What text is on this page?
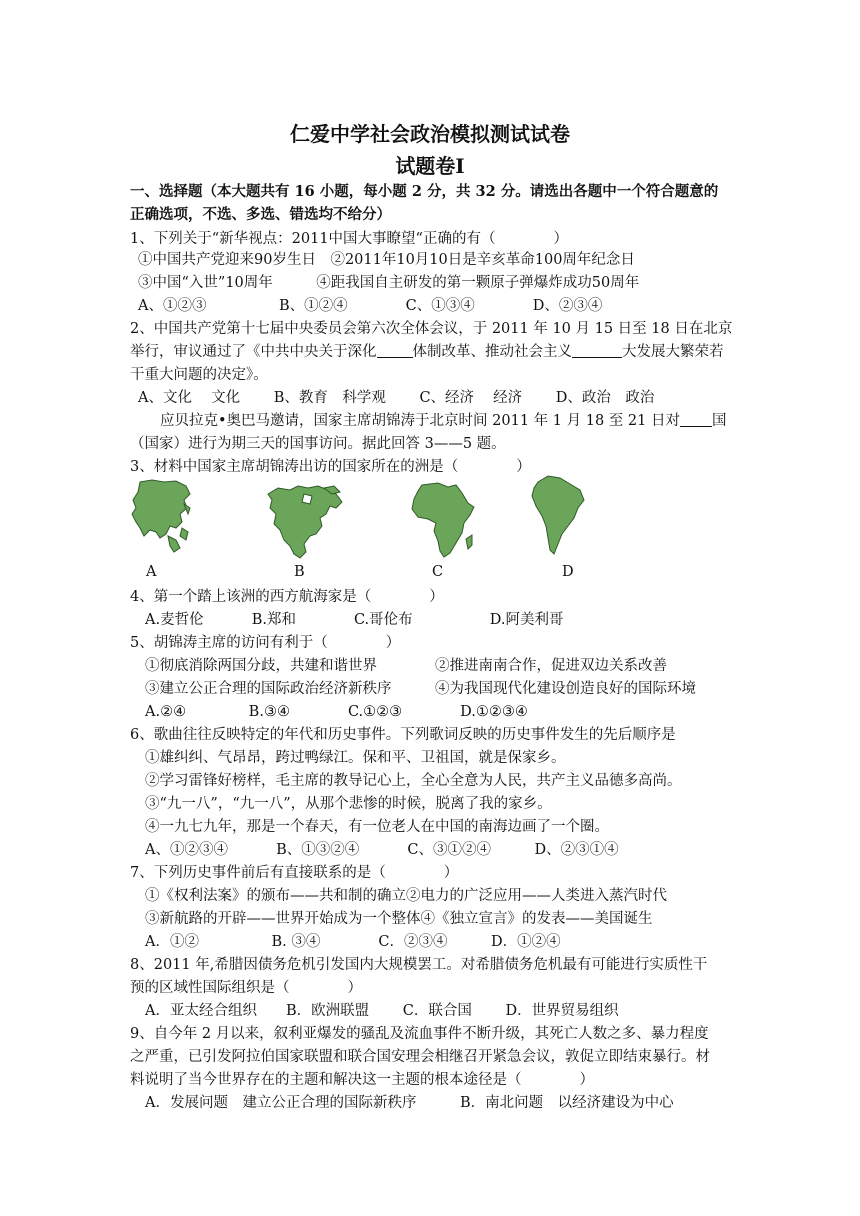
仁爱中学社会政治模拟测试试卷
试题卷Ⅰ
一、选择题（本大题共有 16 小题，每小题 2 分，共 32 分。请选出各题中一个符合题意的
正确选项，不选、多选、错选均不给分）
1、下列关于“新华视点：2011中国大事瞭望“正确的有（　　　　）
①中国共产党迎来90岁生日　②2011年10月10日是辛亥革命100周年纪念日
③中国“入世”10周年　　　④距我国自主研发的第一颗原子弹爆炸成功50周年
A、①②③　　　　　B、①②④　　　　C、①③④　　　　D、②③④
2、中国共产党第十七届中央委员会第六次全体会议，于 2011 年 10 月 15 日至 18 日在北京
举行，审议通过了《中共中央关于深化 体制改革、推动社会主义	大发展大繁荣若
干重大问题的决定》。
A、文化　 文化　　 B、教育　科学观　　 C、经济　 经济　　 D、政治　政治
应贝拉克•奥巴马邀请，国家主席胡锦涛于北京时间 2011 年 1 月 18 至 21 日对 国
（国家）进行为期三天的国事访问。据此回答 3——5 题。
3、材料中国家主席胡锦涛出访的国家所在的洲是（　　　　）
A	B	C	D
4、第一个踏上该洲的西方航海家是（　　　　）
A.麦哲伦　　　 B.郑和　　　　C.哥伦布　　　　　 D.阿美利哥
5、胡锦涛主席的访问有利于（　　　　）
①彻底消除两国分歧，共建和谐世界　　　　②推进南南合作，促进双边关系改善
③建立公正合理的国际政治经济新秩序　　　④为我国现代化建设创造良好的国际环境
A.②④　　　　 B.③④　　　　C.①②③　　　　D.①②③④
6、歌曲往往反映特定的年代和历史事件。下列歌词反映的历史事件发生的先后顺序是
①雄纠纠、气昂昂，跨过鸭绿江。保和平、卫祖国，就是保家乡。
②学习雷锋好榜样，毛主席的教导记心上，全心全意为人民，共产主义品德多高尚。
③“九一八”，“九一八”，从那个悲惨的时候，脱离了我的家乡。
④一九七九年，那是一个春天，有一位老人在中国的南海边画了一个圈。
A、①②③④　　　 B、①③②④　　　 C、③①②④　　　D、②③①④
7、下列历史事件前后有直接联系的是（　　　　）
①《权利法案》的颁布——共和制的确立②电力的广泛应用——人类进入蒸汽时代
③新航路的开辟——世界开始成为一个整体④《独立宣言》的发表——美国诞生
A．①②　　　　　B. ③④　　　　C．②③④　　　D．①②④
8、2011 年,希腊因债务危机引发国内大规模罢工。对希腊债务危机最有可能进行实质性干
预的区域性国际组织是（　　　　）
A．亚太经合组织　　B．欧洲联盟　　 C．联合国　　 D．世界贸易组织
9、自今年 2 月以来，叙利亚爆发的骚乱及流血事件不断升级，其死亡人数之多、暴力程度
之严重，已引发阿拉伯国家联盟和联合国安理会相继召开紧急会议，敦促立即结束暴行。材
料说明了当今世界存在的主题和解决这一主题的根本途径是（　　　　）
A．发展问题　建立公正合理的国际新秩序　　　B．南北问题　以经济建设为中心
